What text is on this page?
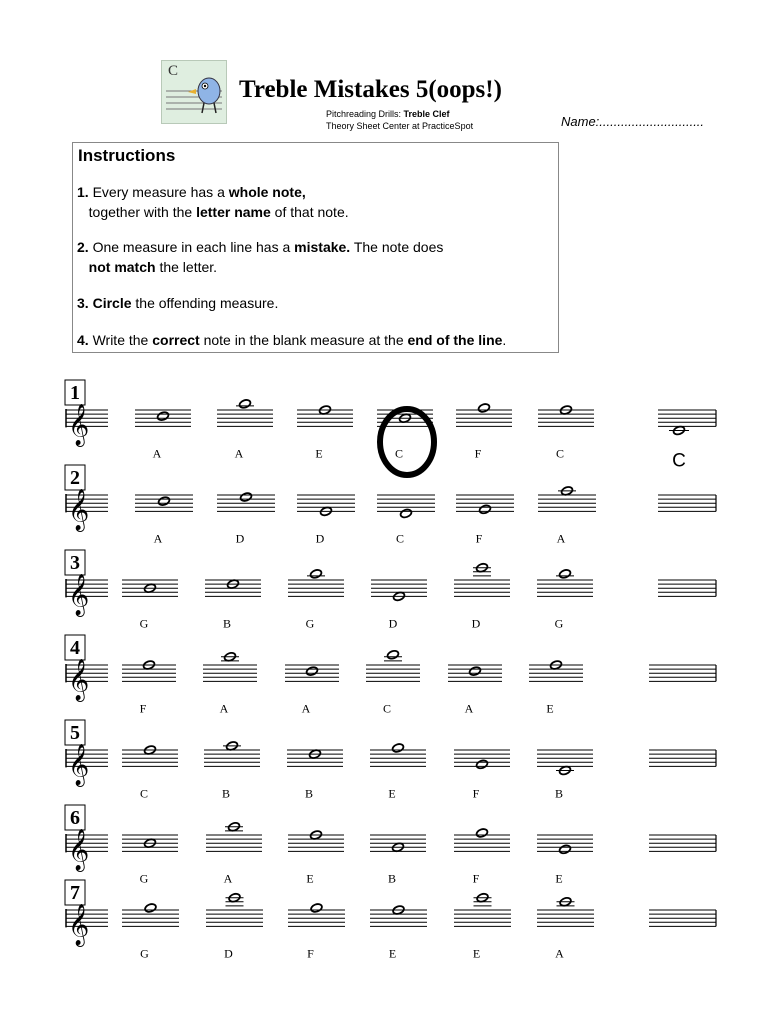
C
Treble Mistakes 5(oops!)
Pitchreading Drills: Treble Clef
Theory Sheet Center at PracticeSpot	Name:.............................
Instructions
1. Every measure has a whole note,
together with the letter name of that note.
2. One measure in each line has a mistake. The note does
not match the letter.
3. Circle the offending measure.
4. Write the correct note in the blank measure at the end of the line.
1
𝄞
A	A	E	C	F	C
2
𝄞
A	D	D	C	F	A
3
𝄞
G	B	G	D	D	G
4
𝄞
F	A	A	C	A	E
5
𝄞
C	B	B	E	F	B
6
𝄞
G	A	E	B	F	E
7
𝄞
G	D	F	E	E	A
C
